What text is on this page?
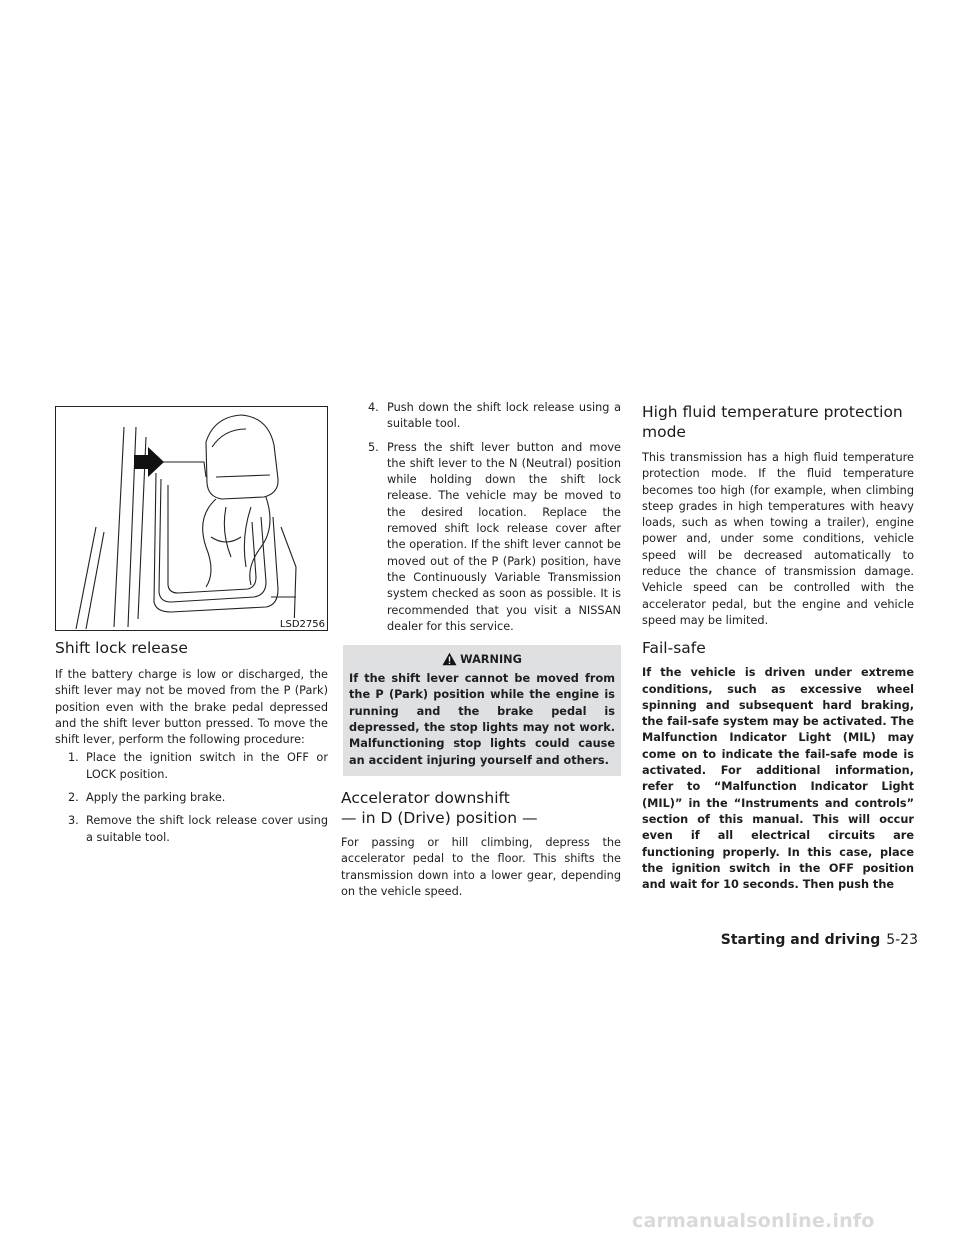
LSD2756
Shift lock release

If the battery charge is low or discharged, the shift lever may not be moved from the P (Park) position even with the brake pedal depressed and the shift lever button pressed. To move the shift lever, perform the following procedure:

1. Place the ignition switch in the OFF or LOCK position.
2. Apply the parking brake.
3. Remove the shift lock release cover using a suitable tool.
4. Push down the shift lock release using a suitable tool.
5. Press the shift lever button and move the shift lever to the N (Neutral) position while holding down the shift lock release. The vehicle may be moved to the desired location. Replace the removed shift lock release cover after the operation. If the shift lever cannot be moved out of the P (Park) position, have the Continuously Variable Transmission system checked as soon as possible. It is recommended that you visit a NISSAN dealer for this service.
WARNING
If the shift lever cannot be moved from the P (Park) position while the engine is running and the brake pedal is depressed, the stop lights may not work. Malfunctioning stop lights could cause an accident injuring yourself and others.
Accelerator downshift
— in D (Drive) position —

For passing or hill climbing, depress the accelerator pedal to the floor. This shifts the transmission down into a lower gear, depending on the vehicle speed.

High fluid temperature protection
mode

This transmission has a high fluid temperature protection mode. If the fluid temperature becomes too high (for example, when climbing steep grades in high temperatures with heavy loads, such as when towing a trailer), engine power and, under some conditions, vehicle speed will be decreased automatically to reduce the chance of transmission damage. Vehicle speed can be controlled with the accelerator pedal, but the engine and vehicle speed may be limited.

Fail-safe

If the vehicle is driven under extreme conditions, such as excessive wheel spinning and subsequent hard braking, the fail-safe system may be activated. The Malfunction Indicator Light (MIL) may come on to indicate the fail-safe mode is activated. For additional information, refer to “Malfunction Indicator Light (MIL)” in the “Instruments and controls” section of this manual. This will occur even if all electrical circuits are functioning properly. In this case, place the ignition switch in the OFF position and wait for 10 seconds. Then push the

Starting and driving 5-23
carmanualsonline.info
